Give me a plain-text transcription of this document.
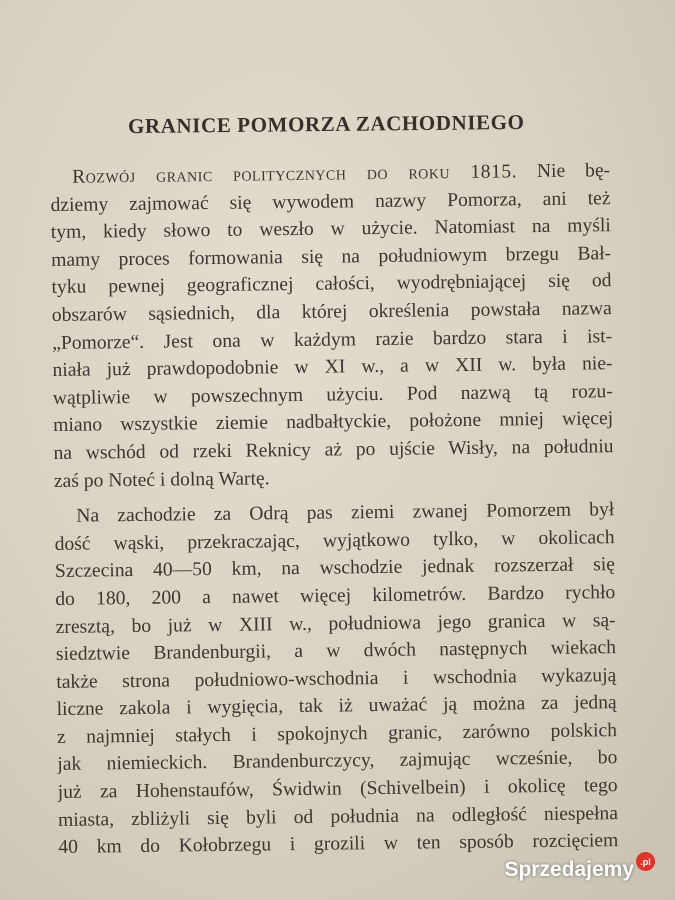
GRANICE POMORZA ZACHODNIEGO
Rozwój granic politycznych do roku 1815. Nie bę-
dziemy zajmować się wywodem nazwy Pomorza, ani też
tym, kiedy słowo to weszło w użycie. Natomiast na myśli
mamy proces formowania się na południowym brzegu Bał-
tyku pewnej geograficznej całości, wyodrębniającej się od
obszarów sąsiednich, dla której określenia powstała nazwa
„Pomorze“. Jest ona w każdym razie bardzo stara i ist-
niała już prawdopodobnie w XI w., a w XII w. była nie-
wątpliwie w powszechnym użyciu. Pod nazwą tą rozu-
miano wszystkie ziemie nadbałtyckie, położone mniej więcej
na wschód od rzeki Reknicy aż po ujście Wisły, na południu
zaś po Noteć i dolną Wartę.
Na zachodzie za Odrą pas ziemi zwanej Pomorzem był
dość wąski, przekraczając, wyjątkowo tylko, w okolicach
Szczecina 40—50 km, na wschodzie jednak rozszerzał się
do 180, 200 a nawet więcej kilometrów. Bardzo rychło
zresztą, bo już w XIII w., południowa jego granica w są-
siedztwie Brandenburgii, a w dwóch następnych wiekach
także strona południowo-wschodnia i wschodnia wykazują
liczne zakola i wygięcia, tak iż uważać ją można za jedną
z najmniej stałych i spokojnych granic, zarówno polskich
jak niemieckich. Brandenburczycy, zajmując wcześnie, bo
już za Hohenstaufów, Świdwin (Schivelbein) i okolicę tego
miasta, zbliżyli się byli od południa na odległość niespełna
40 km do Kołobrzegu i grozili w ten sposób rozcięciem
Sprzedajemy .pl
